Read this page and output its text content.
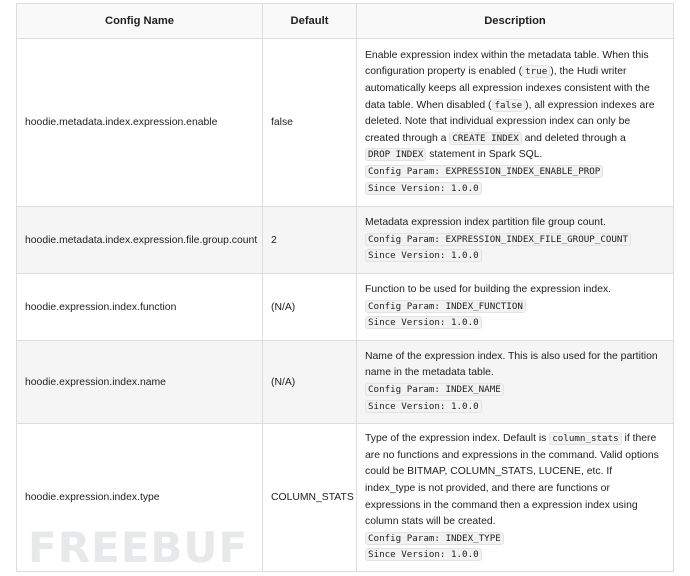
Config Name	Default	Description
hoodie.metadata.index.expression.enable	false	Enable expression index within the metadata table. When this configuration property is enabled ( true ), the Hudi writer automatically keeps all expression indexes consistent with the data table. When disabled ( false ), all expression indexes are deleted. Note that individual expression index can only be created through a CREATE INDEX and deleted through a DROP INDEX statement in Spark SQL.
Config Param: EXPRESSION_INDEX_ENABLE_PROP
Since Version: 1.0.0

hoodie.metadata.index.expression.file.group.count	2	Metadata expression index partition file group count.
Config Param: EXPRESSION_INDEX_FILE_GROUP_COUNT
Since Version: 1.0.0

hoodie.expression.index.function	(N/A)	Function to be used for building the expression index.
Config Param: INDEX_FUNCTION
Since Version: 1.0.0

hoodie.expression.index.name	(N/A)	Name of the expression index. This is also used for the partition name in the metadata table.
Config Param: INDEX_NAME
Since Version: 1.0.0

hoodie.expression.index.type	COLUMN_STATS	Type of the expression index. Default is column_stats if there are no functions and expressions in the command. Valid options could be BITMAP, COLUMN_STATS, LUCENE, etc. If index_type is not provided, and there are functions or expressions in the command then a expression index using column stats will be created.
Config Param: INDEX_TYPE
Since Version: 1.0.0
FREEBUF
